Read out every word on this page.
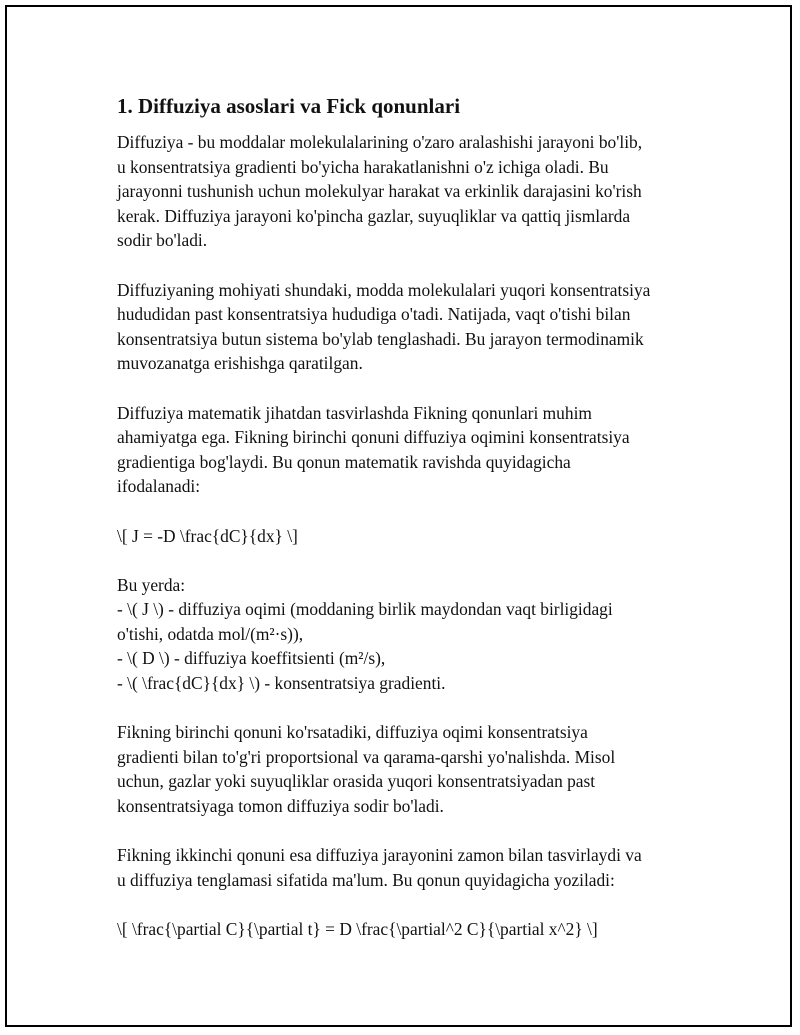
1. Diffuziya asoslari va Fick qonunlari

Diffuziya - bu moddalar molekulalarining o'zaro aralashishi jarayoni bo'lib,
u konsentratsiya gradienti bo'yicha harakatlanishni o'z ichiga oladi. Bu
jarayonni tushunish uchun molekulyar harakat va erkinlik darajasini ko'rish
kerak. Diffuziya jarayoni ko'pincha gazlar, suyuqliklar va qattiq jismlarda
sodir bo'ladi.

Diffuziyaning mohiyati shundaki, modda molekulalari yuqori konsentratsiya
hududidan past konsentratsiya hududiga o'tadi. Natijada, vaqt o'tishi bilan
konsentratsiya butun sistema bo'ylab tenglashadi. Bu jarayon termodinamik
muvozanatga erishishga qaratilgan.

Diffuziya matematik jihatdan tasvirlashda Fikning qonunlari muhim
ahamiyatga ega. Fikning birinchi qonuni diffuziya oqimini konsentratsiya
gradientiga bog'laydi. Bu qonun matematik ravishda quyidagicha
ifodalanadi:

\[ J = -D \frac{dC}{dx} \]

Bu yerda:
- \( J \) - diffuziya oqimi (moddaning birlik maydondan vaqt birligidagi
o'tishi, odatda mol/(m²·s)),
- \( D \) - diffuziya koeffitsienti (m²/s),
- \( \frac{dC}{dx} \) - konsentratsiya gradienti.

Fikning birinchi qonuni ko'rsatadiki, diffuziya oqimi konsentratsiya
gradienti bilan to'g'ri proportsional va qarama-qarshi yo'nalishda. Misol
uchun, gazlar yoki suyuqliklar orasida yuqori konsentratsiyadan past
konsentratsiyaga tomon diffuziya sodir bo'ladi.

Fikning ikkinchi qonuni esa diffuziya jarayonini zamon bilan tasvirlaydi va
u diffuziya tenglamasi sifatida ma'lum. Bu qonun quyidagicha yoziladi:

\[ \frac{\partial C}{\partial t} = D \frac{\partial^2 C}{\partial x^2} \]
